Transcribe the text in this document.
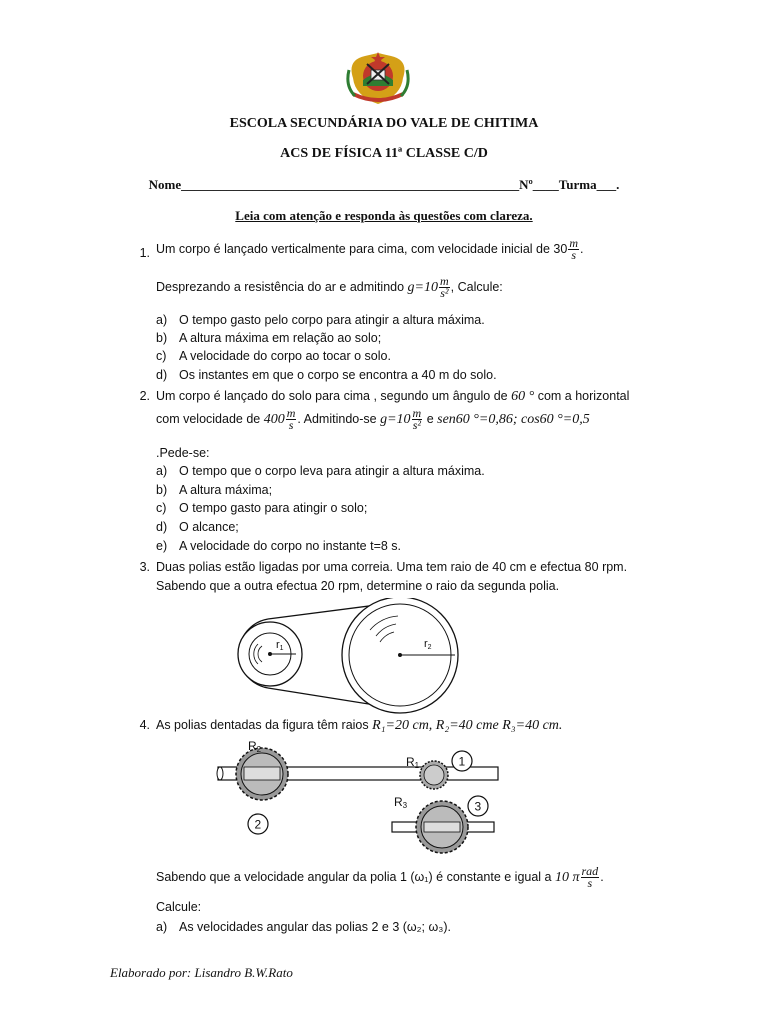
ESCOLA SECUNDÁRIA DO VALE DE CHITIMA
ACS DE FÍSICA 11ª CLASSE C/D
Nome____________________________________________________Nº____Turma___.
Leia com atenção e responda às questões com clareza.
1. Um corpo é lançado verticalmente para cima, com velocidade inicial de $30 \frac{m}{s}$ .
Desprezando a resistência do ar e admitindo $g=10 \frac{m}{\text{s²}}$ , Calcule:
a) O tempo gasto pelo corpo para atingir a altura máxima.
b) A altura máxima em relação ao solo;
c)	A velocidade do corpo ao tocar o solo.
d) Os instantes em que o corpo se encontra a 40 m do solo.
2. Um corpo é lançado do solo para cima , segundo um ângulo de 60 ° com a horizontal
com velocidade de $400 \frac{m}{s}$ . Admitindo-se $g=10 \frac{m}{\text{s²}}$ e sen60 °=0,86; cos60 °=0,5
.Pede-se:
a) O tempo que o corpo leva para atingir a altura máxima.
b) A altura máxima;
c)	O tempo gasto para atingir o solo;
d) O alcance;
e) A velocidade do corpo no instante t=8 s.
3. Duas polias estão ligadas por uma correia. Uma tem raio de 40 cm e efectua 80 rpm.
Sabendo que a outra efectua 20 rpm, determine o raio da segunda polia.
r1	r2
4. As polias dentadas da figura têm raios R₁=20 cm, R₂=40 cme R₃=40 cm.
R2
R1
R3
1
2
3
Sabendo que a velocidade angular da polia 1 (ω₁) é constante e igual a 10 π $\frac{\text{rad}}{s}$ .
Calcule:
a) As velocidades angular das polias 2 e 3 (ω₂; ω₃).
Elaborado por: Lisandro B.W.Rato
